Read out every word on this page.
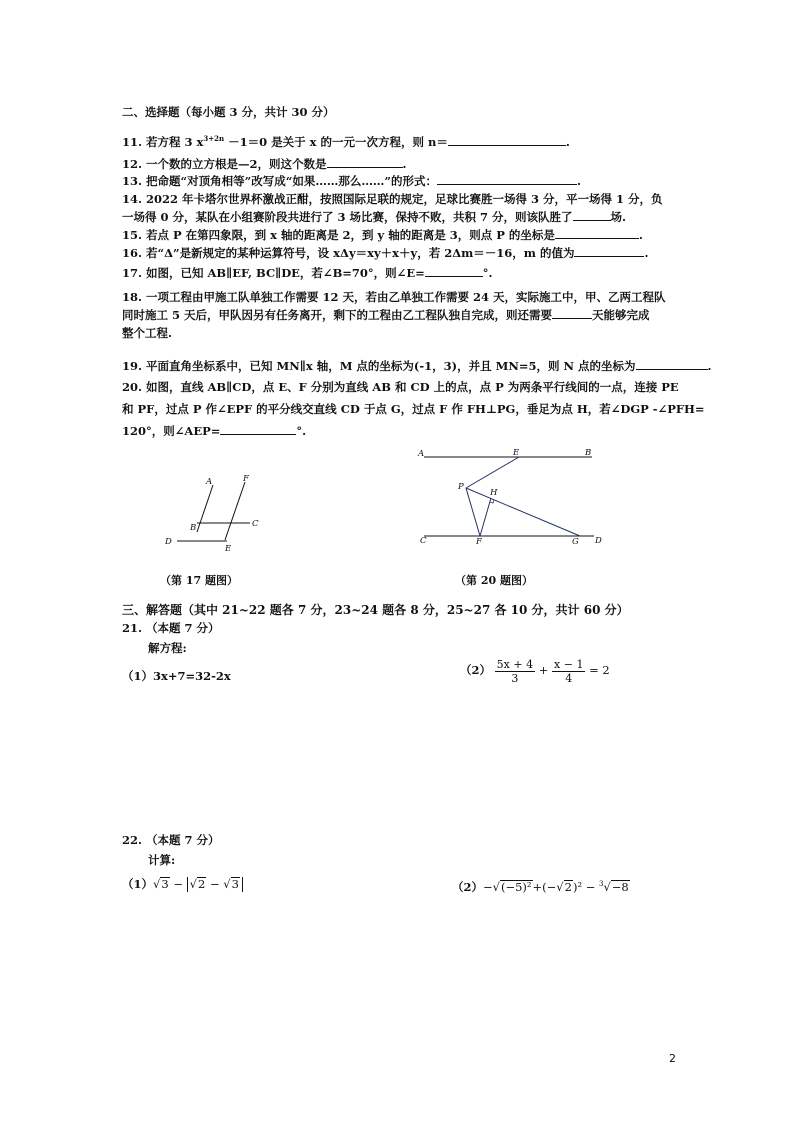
二、选择题（每小题 3 分，共计 30 分）
11. 若方程 3 $x^{3+2n} -1=0$ 是关于 x 的一元一次方程，则 n＝	.
12. 一个数的立方根是—2，则这个数是	.
13. 把命题“对顶角相等”改写成“如果……那么……”的形式：	.
14. 2022 年卡塔尔世界杯激战正酣，按照国际足联的规定，足球比赛胜一场得 3 分，平一场得 1 分，负
一场得 0 分，某队在小组赛阶段共进行了 3 场比赛，保持不败，共积 7 分，则该队胜了	场.
15. 若点 P 在第四象限，到 x 轴的距离是 2，到 y 轴的距离是 3，则点 P 的坐标是	.
16. 若“Δ”是新规定的某种运算符号，设 xΔy＝xy＋x＋y，若 2Δm＝－16，m 的值为	.
17. 如图，已知 AB∥EF, BC∥DE，若∠B=70°，则∠E=	°.
18. 一项工程由甲施工队单独工作需要 12 天，若由乙单独工作需要 24 天，实际施工中，甲、乙两工程队
同时施工 5 天后，甲队因另有任务离开，剩下的工程由乙工程队独自完成，则还需要	天能够完成
整个工程.
19. 平面直角坐标系中，已知 MN∥x 轴，M 点的坐标为(-1，3)，并且 MN=5，则 N 点的坐标为	.
20. 如图，直线 AB∥CD，点 E、F 分别为直线 AB 和 CD 上的点，点 P 为两条平行线间的一点，连接 PE
和 PF，过点 P 作∠EPF 的平分线交直线 CD 于点 G，过点 F 作 FH⊥PG，垂足为点 H，若∠DGP -∠PFH=
120°，则∠AEP=	°.
A	F
B	C
D
E
A	E	B
P
H
C	F	G D
（第 17 题图）	（第 20 题图）
三、解答题（其中 21~22 题各 7 分，23~24 题各 8 分，25~27 各 10 分，共计 60 分）
21. （本题 7 分）
解方程:
（1）3x+7=32-2x	$(2) \frac{5x + 4}{3} + \frac{x - 1}{4} = 2$
22. （本题 7 分）
计算:
（1）√3 − √2 − √3	（2）−√(−5)²+(−√2)² − $^3$√−8
2
